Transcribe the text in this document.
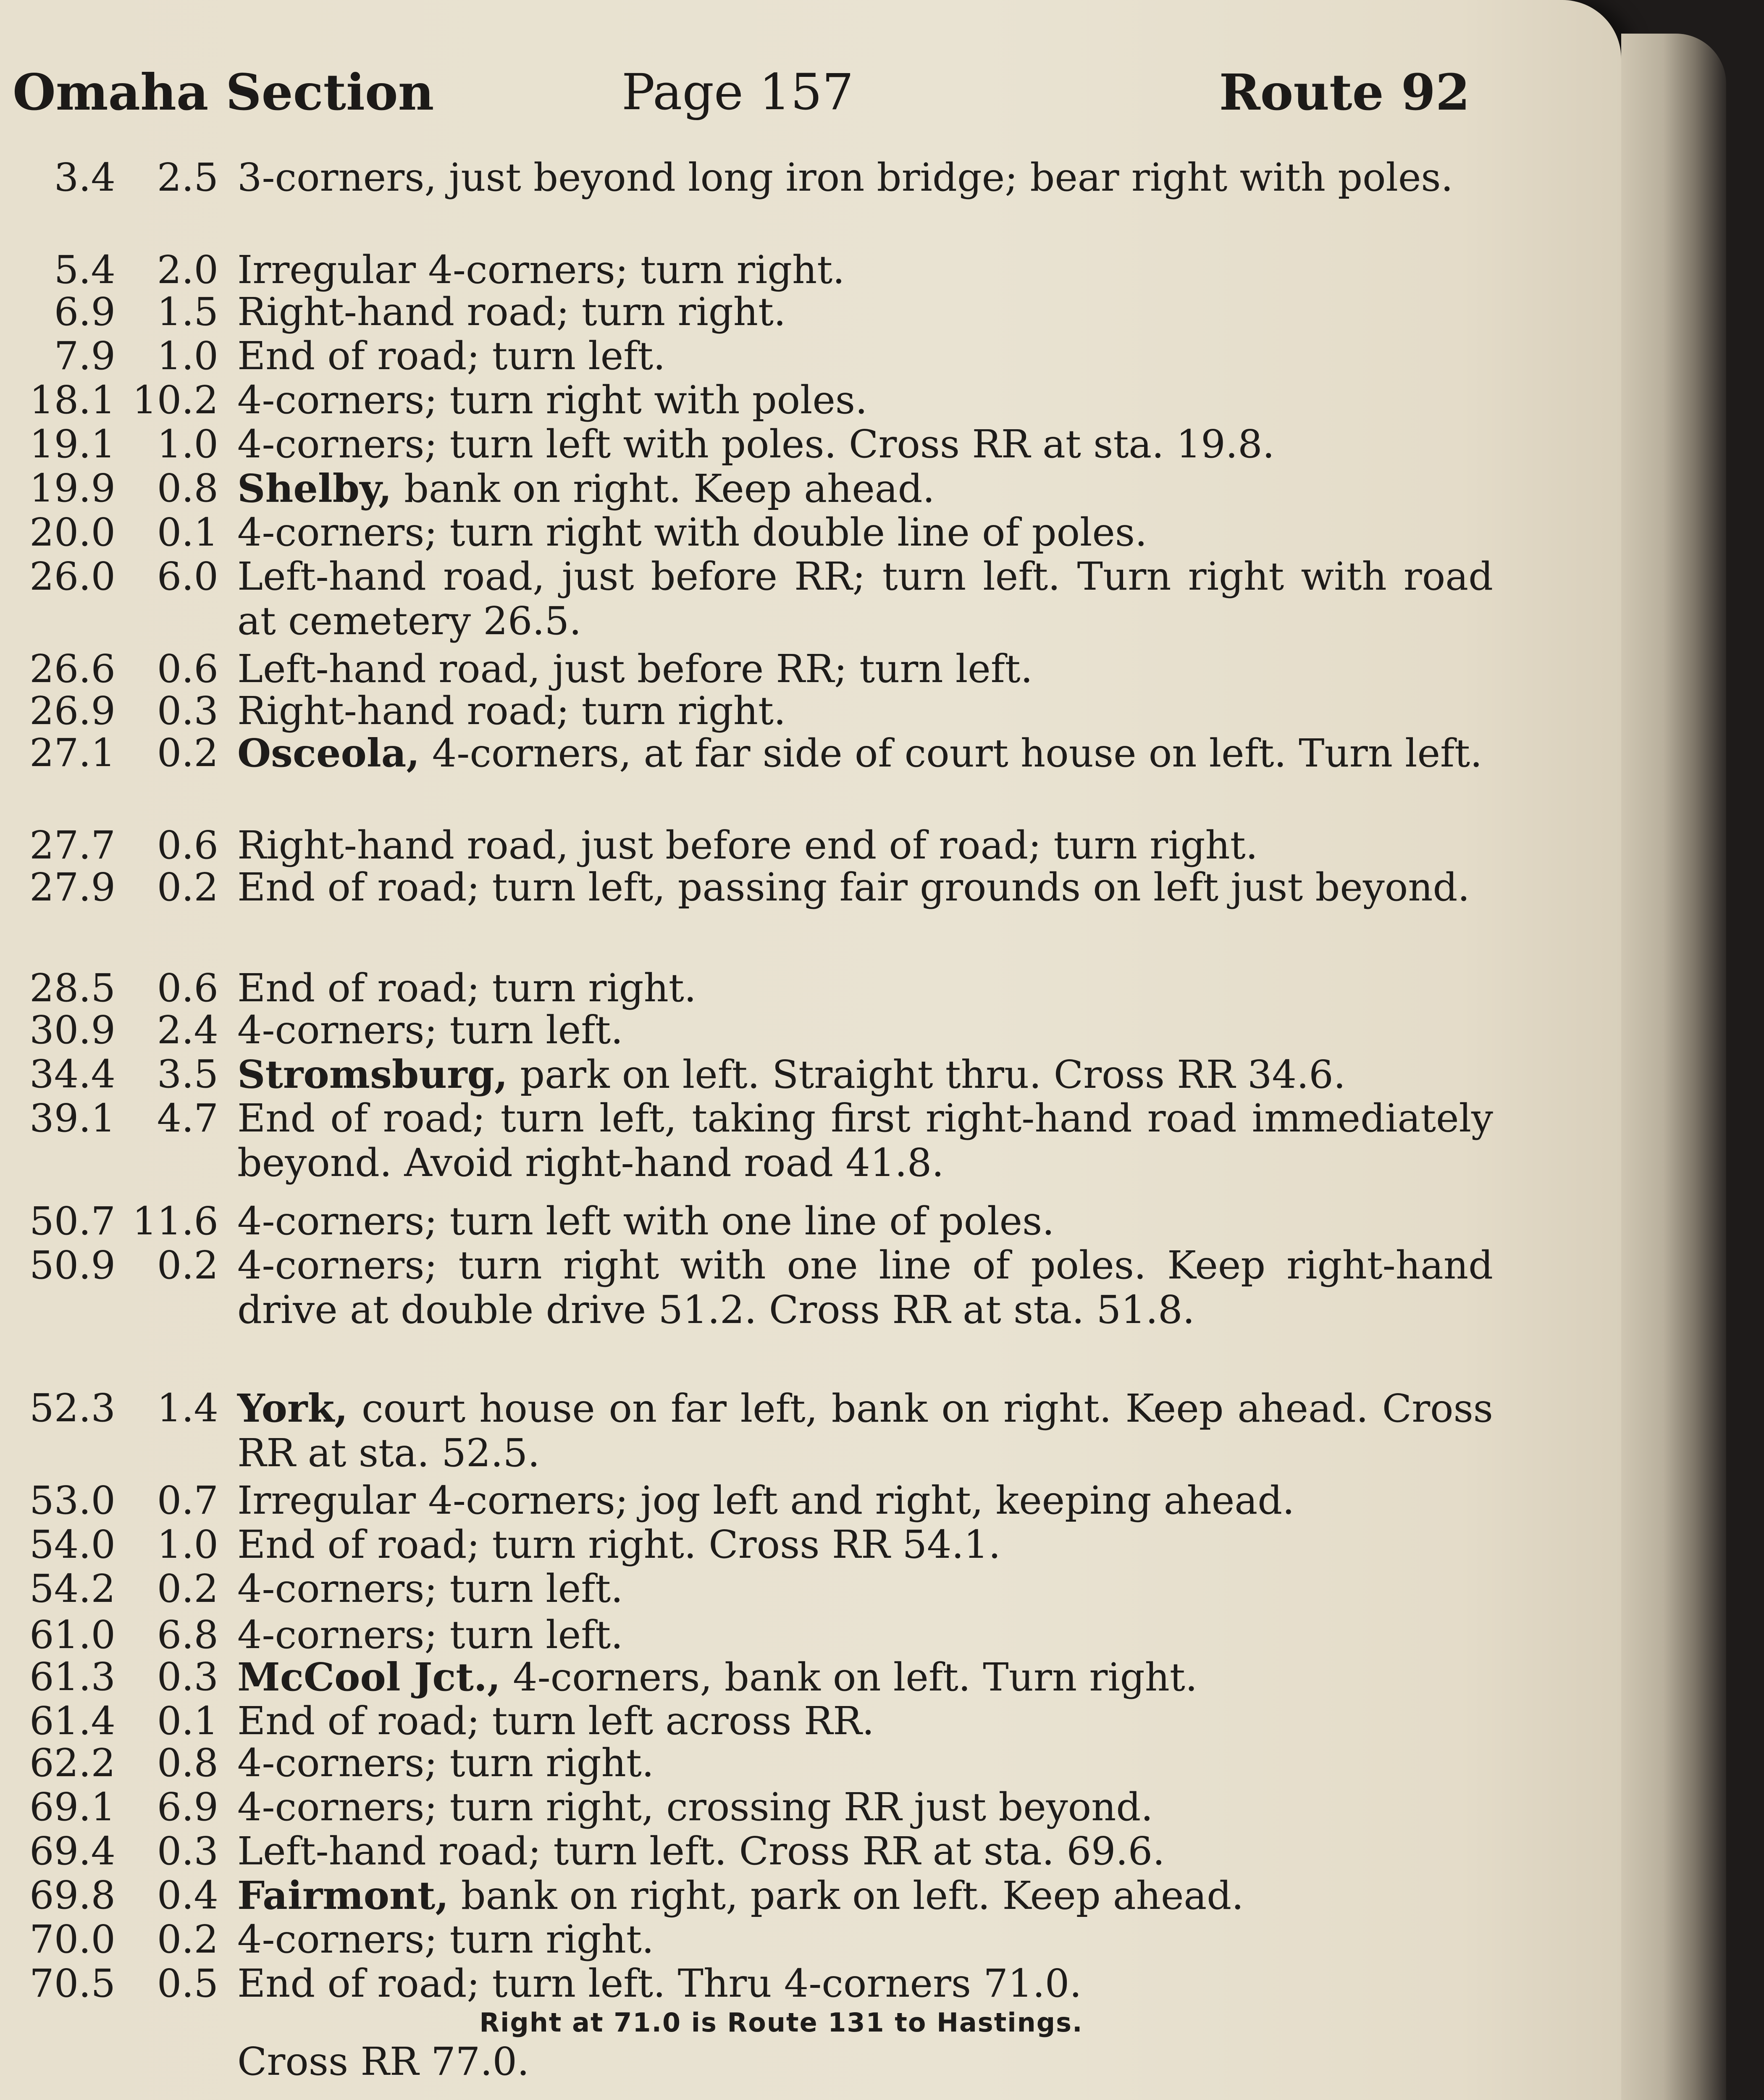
Omaha Section	Page 157	Route 92
3.4	2.5 3-corners, just beyond long iron bridge; bear right with poles.
5.4	2.0 Irregular 4-corners; turn right.
6.9	1.5 Right-hand road; turn right.
7.9	1.0 End of road; turn left.
18.1 10.2 4-corners; turn right with poles.
19.1	1.0 4-corners; turn left with poles. Cross RR at sta. 19.8.
19.9	0.8 Shelby, bank on right. Keep ahead.
20.0	0.1 4-corners; turn right with double line of poles.
26.0	6.0 Left-hand road, just before RR; turn left. Turn right with road at cemetery 26.5.
26.6	0.6 Left-hand road, just before RR; turn left.
26.9	0.3 Right-hand road; turn right.
27.1	0.2 Osceola, 4-corners, at far side of court house on left. Turn left.
27.7	0.6 Right-hand road, just before end of road; turn right.
27.9	0.2 End of road; turn left, passing fair grounds on left just beyond.
28.5	0.6 End of road; turn right.
30.9	2.4 4-corners; turn left.
34.4	3.5 Stromsburg, park on left. Straight thru. Cross RR 34.6.
39.1	4.7 End of road; turn left, taking first right-hand road immediately beyond. Avoid right-hand road 41.8.
50.7 11.6 4-corners; turn left with one line of poles.
50.9	0.2 4-corners; turn right with one line of poles. Keep right-hand drive at double drive 51.2. Cross RR at sta. 51.8.
52.3	1.4 York, court house on far left, bank on right. Keep ahead. Cross RR at sta. 52.5.
53.0	0.7 Irregular 4-corners; jog left and right, keeping ahead.
54.0	1.0 End of road; turn right. Cross RR 54.1.
54.2	0.2 4-corners; turn left.
61.0	6.8 4-corners; turn left.
61.3	0.3 McCool Jct., 4-corners, bank on left. Turn right.
61.4	0.1 End of road; turn left across RR.
62.2	0.8 4-corners; turn right.
69.1	6.9 4-corners; turn right, crossing RR just beyond.
69.4	0.3 Left-hand road; turn left. Cross RR at sta. 69.6.
69.8	0.4 Fairmont, bank on right, park on left. Keep ahead.
70.0	0.2 4-corners; turn right.
70.5	0.5 End of road; turn left. Thru 4-corners 71.0.
Right at 71.0 is Route 131 to Hastings.
Cross RR 77.0.
